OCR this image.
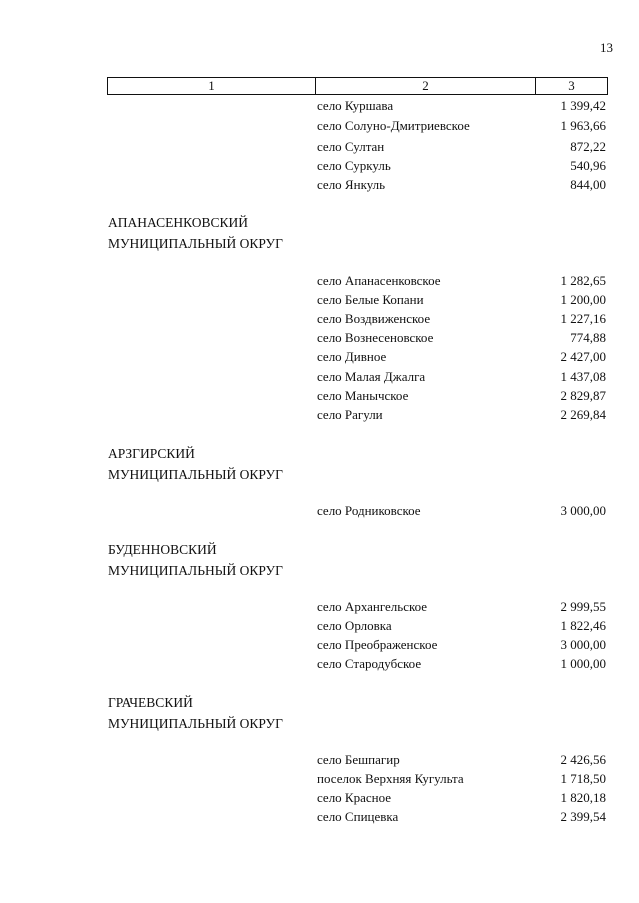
13
1	2	3
село Куршава	1 399,42
село Солуно-Дмитриевское	1 963,66
село Султан	872,22
село Суркуль	540,96
село Янкуль	844,00
АПАНАСЕНКОВСКИЙ
МУНИЦИПАЛЬНЫЙ ОКРУГ
село Апанасенковское	1 282,65
село Белые Копани	1 200,00
село Воздвиженское	1 227,16
село Вознесеновское	774,88
село Дивное	2 427,00
село Малая Джалга	1 437,08
село Манычское	2 829,87
село Рагули	2 269,84
АРЗГИРСКИЙ
МУНИЦИПАЛЬНЫЙ ОКРУГ
село Родниковское	3 000,00
БУДЕННОВСКИЙ
МУНИЦИПАЛЬНЫЙ ОКРУГ
село Архангельское	2 999,55
село Орловка	1 822,46
село Преображенское	3 000,00
село Стародубское	1 000,00
ГРАЧЕВСКИЙ
МУНИЦИПАЛЬНЫЙ ОКРУГ
село Бешпагир	2 426,56
поселок Верхняя Кугульта	1 718,50
село Красное	1 820,18
село Спицевка	2 399,54
